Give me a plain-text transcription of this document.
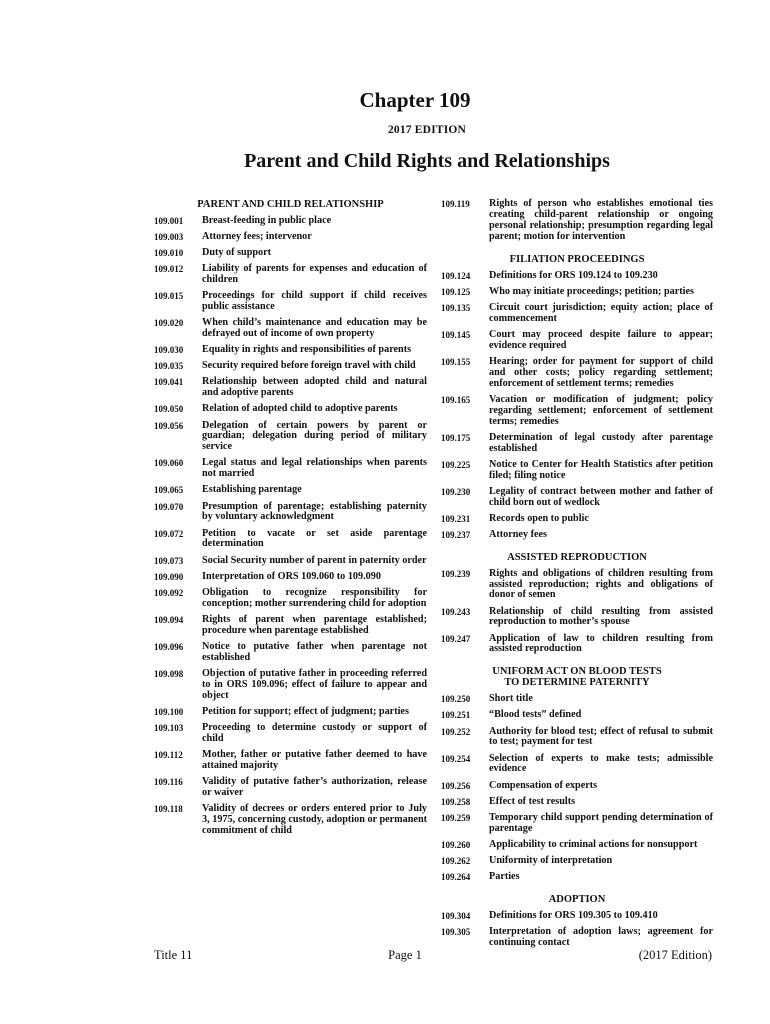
Chapter 109
2017 EDITION
Parent and Child Rights and Relationships
PARENT AND CHILD RELATIONSHIP
109.001	Breast-feeding in public place
109.003	Attorney fees; intervenor
109.010	Duty of support
109.012	Liability of parents for expenses and education of children
109.015	Proceedings for child support if child receives public assistance
109.020	When child’s maintenance and education may be defrayed out of income of own property
109.030	Equality in rights and responsibilities of parents
109.035	Security required before foreign travel with child
109.041	Relationship between adopted child and natural and adoptive parents
109.050	Relation of adopted child to adoptive parents
109.056	Delegation of certain powers by parent or guardian; delegation during period of military service
109.060	Legal status and legal relationships when parents not married
109.065	Establishing parentage
109.070	Presumption of parentage; establishing paternity by voluntary acknowledgment
109.072	Petition to vacate or set aside parentage determination
109.073	Social Security number of parent in paternity order
109.090	Interpretation of ORS 109.060 to 109.090
109.092	Obligation to recognize responsibility for conception; mother surrendering child for adoption
109.094	Rights of parent when parentage established; procedure when parentage established
109.096	Notice to putative father when parentage not established
109.098	Objection of putative father in proceeding referred to in ORS 109.096; effect of failure to appear and object
109.100	Petition for support; effect of judgment; parties
109.103	Proceeding to determine custody or support of child
109.112	Mother, father or putative father deemed to have attained majority
109.116	Validity of putative father’s authorization, release or waiver
109.118	Validity of decrees or orders entered prior to July 3, 1975, concerning custody, adoption or permanent commitment of child
109.119	Rights of person who establishes emotional ties creating child-parent relationship or ongoing personal relationship; presumption regarding legal parent; motion for intervention
FILIATION PROCEEDINGS
109.124	Definitions for ORS 109.124 to 109.230
109.125	Who may initiate proceedings; petition; parties
109.135	Circuit court jurisdiction; equity action; place of commencement
109.145	Court may proceed despite failure to appear; evidence required
109.155	Hearing; order for payment for support of child and other costs; policy regarding settlement; enforcement of settlement terms; remedies
109.165	Vacation or modification of judgment; policy regarding settlement; enforcement of settlement terms; remedies
109.175	Determination of legal custody after parentage established
109.225	Notice to Center for Health Statistics after petition filed; filing notice
109.230	Legality of contract between mother and father of child born out of wedlock
109.231	Records open to public
109.237	Attorney fees
ASSISTED REPRODUCTION
109.239	Rights and obligations of children resulting from assisted reproduction; rights and obligations of donor of semen
109.243	Relationship of child resulting from assisted reproduction to mother’s spouse
109.247	Application of law to children resulting from assisted reproduction
UNIFORM ACT ON BLOOD TESTS
TO DETERMINE PATERNITY
109.250	Short title
109.251	“Blood tests” defined
109.252	Authority for blood test; effect of refusal to submit to test; payment for test
109.254	Selection of experts to make tests; admissible evidence
109.256	Compensation of experts
109.258	Effect of test results
109.259	Temporary child support pending determination of parentage
109.260	Applicability to criminal actions for nonsupport
109.262	Uniformity of interpretation
109.264	Parties
ADOPTION
109.304	Definitions for ORS 109.305 to 109.410
109.305	Interpretation of adoption laws; agreement for continuing contact
Title 11	Page 1	(2017 Edition)
